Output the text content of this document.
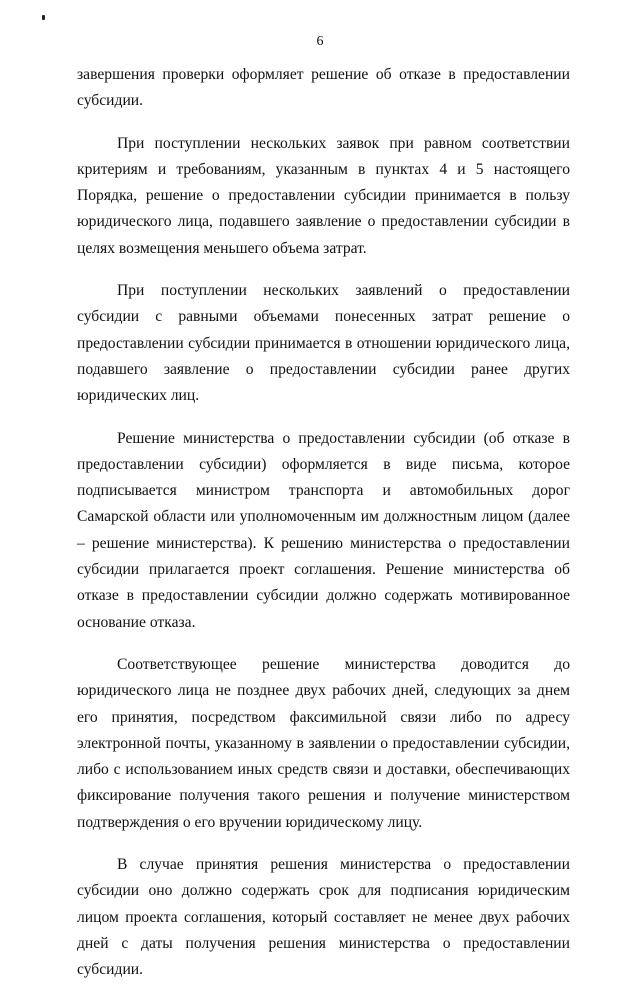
6

завершения проверки оформляет решение об отказе в предоставлении субсидии.

При поступлении нескольких заявок при равном соответствии критериям и требованиям, указанным в пунктах 4 и 5 настоящего Порядка, решение о предоставлении субсидии принимается в пользу юридического лица, подавшего заявление о предоставлении субсидии в целях возмещения меньшего объема затрат.

При поступлении нескольких заявлений о предоставлении субсидии с равными объемами понесенных затрат решение о предоставлении субсидии принимается в отношении юридического лица, подавшего заявление о предоставлении субсидии ранее других юридических лиц.

Решение министерства о предоставлении субсидии (об отказе в предоставлении субсидии) оформляется в виде письма, которое подписывается министром транспорта и автомобильных дорог Самарской области или уполномоченным им должностным лицом (далее – решение министерства). К решению министерства о предоставлении субсидии прилагается проект соглашения. Решение министерства об отказе в предоставлении субсидии должно содержать мотивированное основание отказа.

Соответствующее решение министерства доводится до юридического лица не позднее двух рабочих дней, следующих за днем его принятия, посредством факсимильной связи либо по адресу электронной почты, указанному в заявлении о предоставлении субсидии, либо с использованием иных средств связи и доставки, обеспечивающих фиксирование получения такого решения и получение министерством подтверждения о его вручении юридическому лицу.

В случае принятия решения министерства о предоставлении субсидии оно должно содержать срок для подписания юридическим лицом проекта соглашения, который составляет не менее двух рабочих дней с даты получения решения министерства о предоставлении субсидии.
